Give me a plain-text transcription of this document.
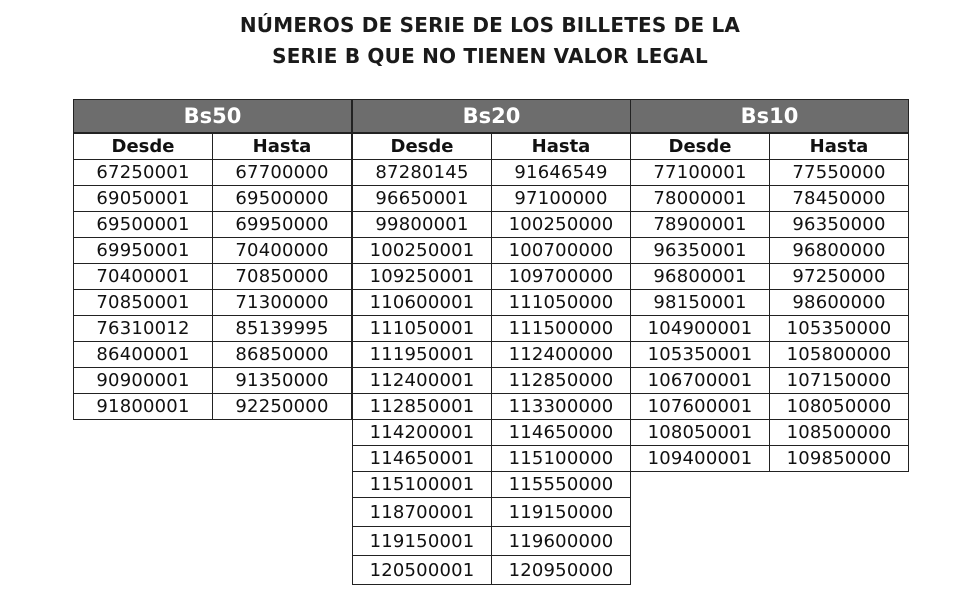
NÚMEROS DE SERIE DE LOS BILLETES DE LA
SERIE B QUE NO TIENEN VALOR LEGAL
Bs50
Desde	Hasta
67250001	67700000
69050001	69500000
69500001	69950000
69950001	70400000
70400001	70850000
70850001	71300000
76310012	85139995
86400001	86850000
90900001	91350000
91800001	92250000
Bs20
Desde	Hasta
87280145	91646549
96650001	97100000
99800001	100250000
100250001	100700000
109250001	109700000
110600001	111050000
111050001	111500000
111950001	112400000
112400001	112850000
112850001	113300000
114200001	114650000
114650001	115100000
115100001	115550000
118700001	119150000
119150001	119600000
120500001	120950000
Bs10
Desde	Hasta
77100001	77550000
78000001	78450000
78900001	96350000
96350001	96800000
96800001	97250000
98150001	98600000
104900001	105350000
105350001	105800000
106700001	107150000
107600001	108050000
108050001	108500000
109400001	109850000
